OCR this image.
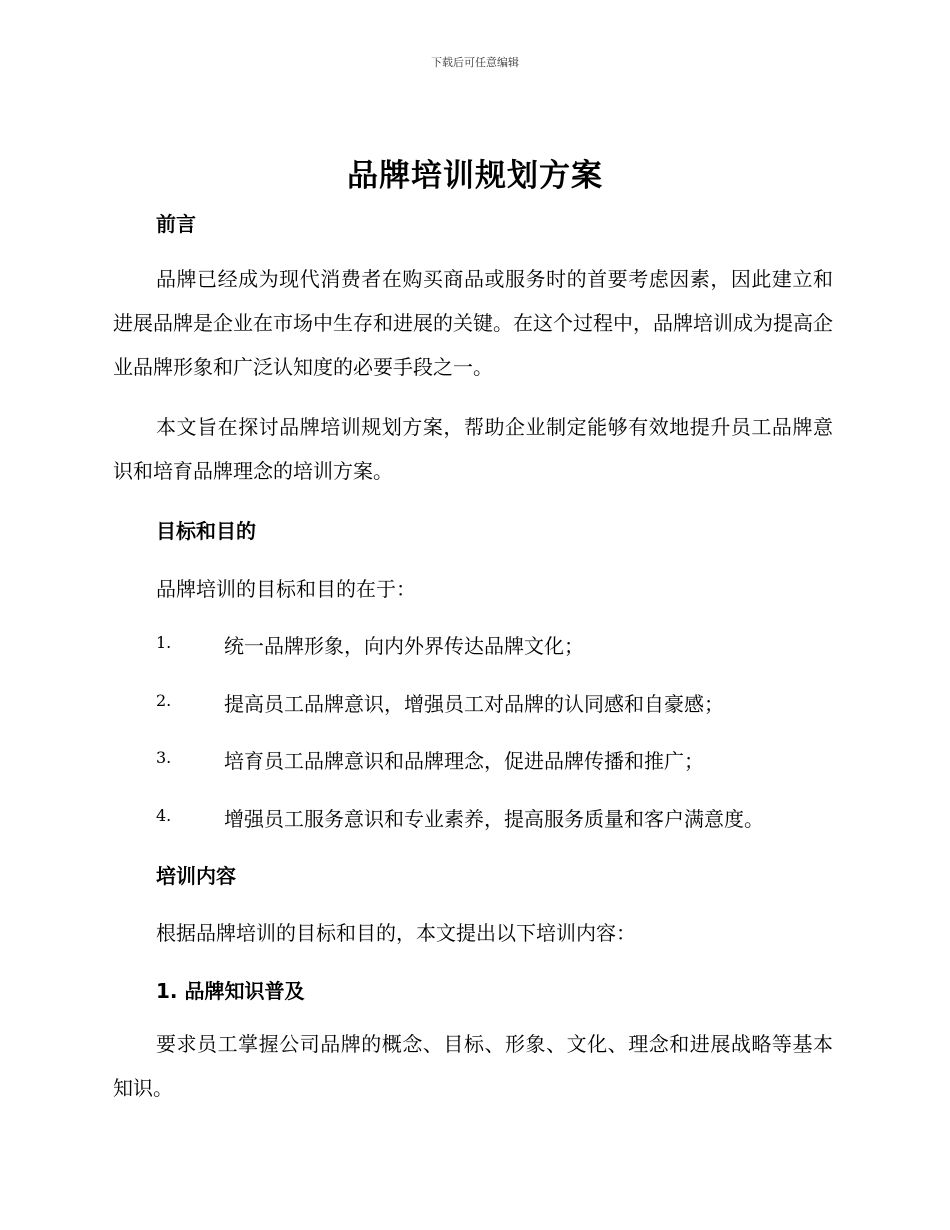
下载后可任意编辑
品牌培训规划方案
前言
品牌已经成为现代消费者在购买商品或服务时的首要考虑因素，因此建立和进展品牌是企业在市场中生存和进展的关键。在这个过程中，品牌培训成为提高企业品牌形象和广泛认知度的必要手段之一。
本文旨在探讨品牌培训规划方案，帮助企业制定能够有效地提升员工品牌意识和培育品牌理念的培训方案。
目标和目的
品牌培训的目标和目的在于：
1.	统一品牌形象，向内外界传达品牌文化；
2.	提高员工品牌意识，增强员工对品牌的认同感和自豪感；
3.	培育员工品牌意识和品牌理念，促进品牌传播和推广；
4.	增强员工服务意识和专业素养，提高服务质量和客户满意度。
培训内容
根据品牌培训的目标和目的，本文提出以下培训内容：
1. 品牌知识普及
要求员工掌握公司品牌的概念、目标、形象、文化、理念和进展战略等基本知识。
